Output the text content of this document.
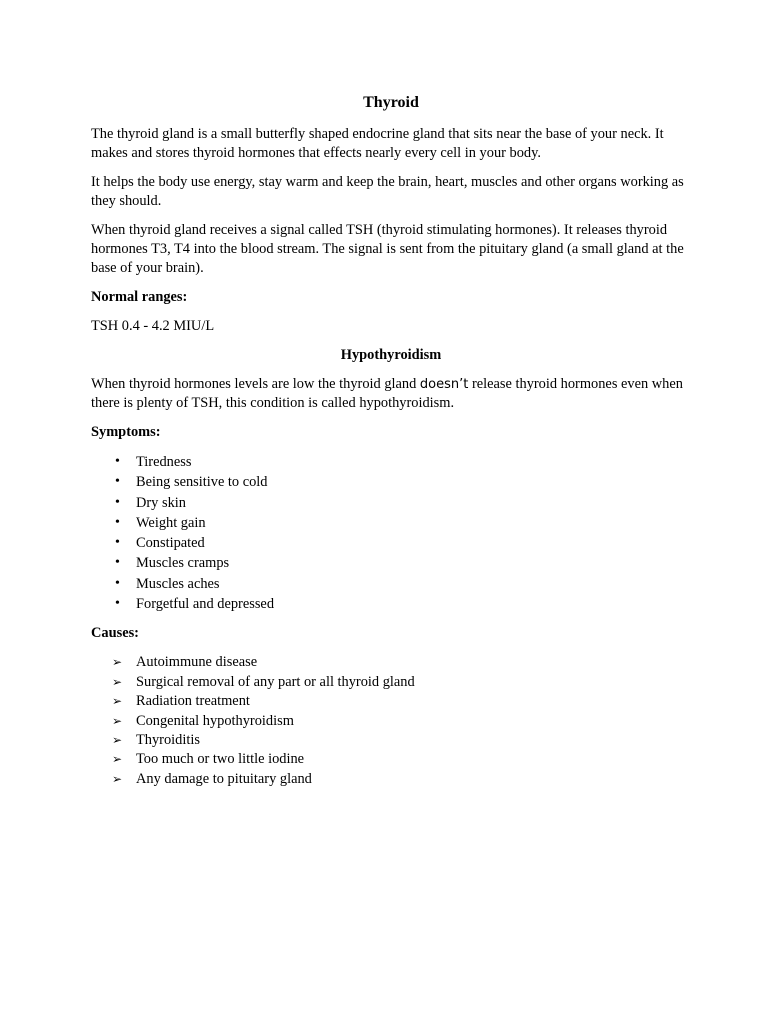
Thyroid

The thyroid gland is a small butterfly shaped endocrine gland that sits near the base of your neck. It makes and stores thyroid hormones that effects nearly every cell in your body.

It helps the body use energy, stay warm and keep the brain, heart, muscles and other organs working as they should.

When thyroid gland receives a signal called TSH (thyroid stimulating hormones). It releases thyroid hormones T3, T4 into the blood stream. The signal is sent from the pituitary gland (a small gland at the base of your brain).

Normal ranges:

TSH 0.4 - 4.2 MIU/L

Hypothyroidism

When thyroid hormones levels are low the thyroid gland doesn’t release thyroid hormones even when there is plenty of TSH, this condition is called hypothyroidism.

Symptoms:
• Tiredness
• Being sensitive to cold
• Dry skin
• Weight gain
• Constipated
• Muscles cramps
• Muscles aches
• Forgetful and depressed
Causes:
➢ Autoimmune disease
➢ Surgical removal of any part or all thyroid gland
➢ Radiation treatment
➢ Congenital hypothyroidism
➢ Thyroiditis
➢ Too much or two little iodine
➢ Any damage to pituitary gland
